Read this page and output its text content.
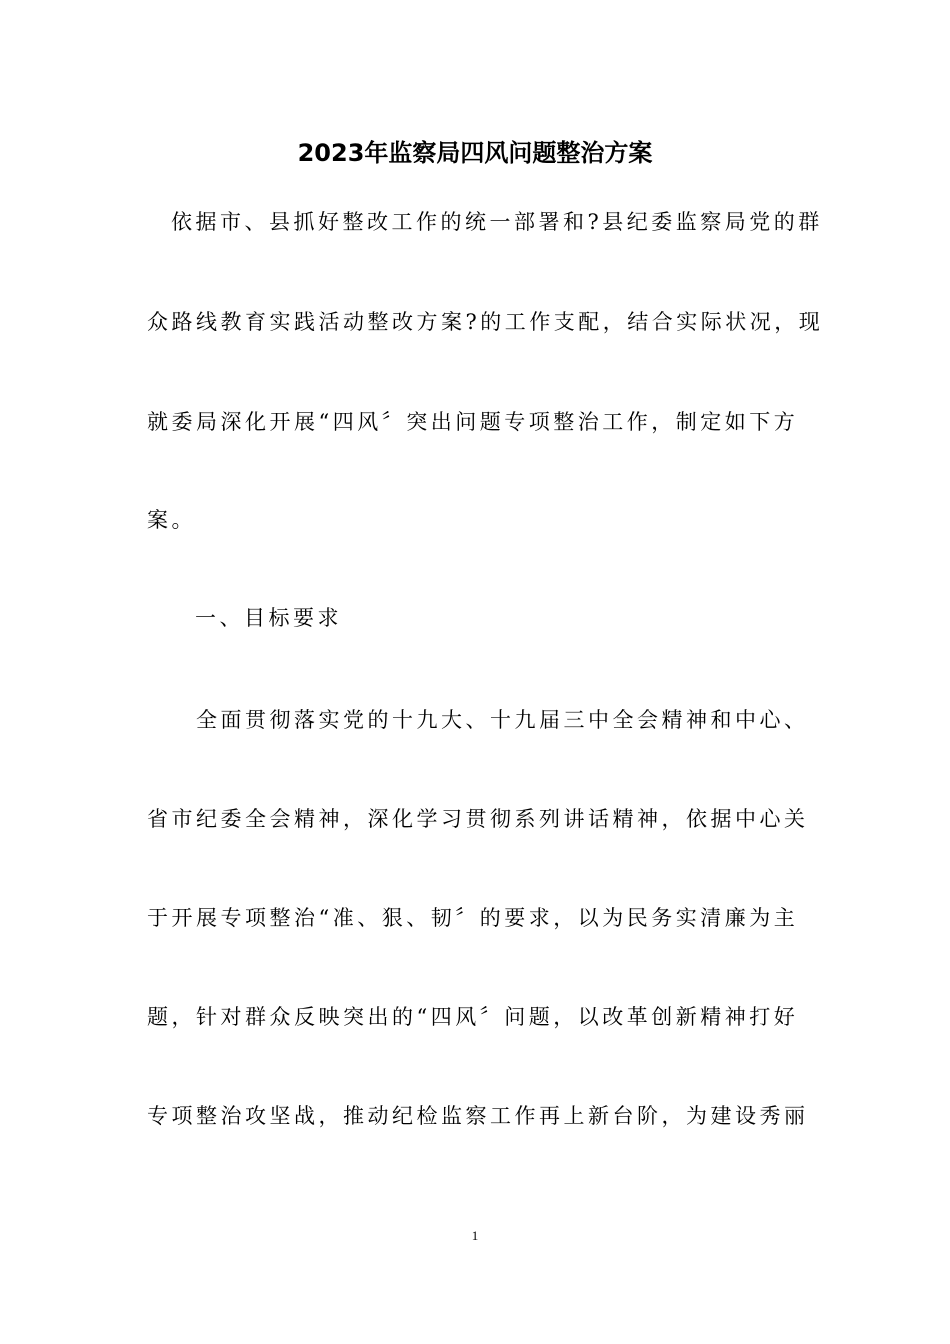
2023年监察局四风问题整治方案
依据市、县抓好整改工作的统一部署和?县纪委监察局党的群
众路线教育实践活动整改方案?的工作支配，结合实际状况，现
就委局深化开展“四风〞突出问题专项整治工作，制定如下方
案。
一、目标要求
全面贯彻落实党的十九大、十九届三中全会精神和中心、
省市纪委全会精神，深化学习贯彻系列讲话精神，依据中心关
于开展专项整治“准、狠、韧〞的要求，以为民务实清廉为主
题，针对群众反映突出的“四风〞问题，以改革创新精神打好
专项整治攻坚战，推动纪检监察工作再上新台阶，为建设秀丽
1
